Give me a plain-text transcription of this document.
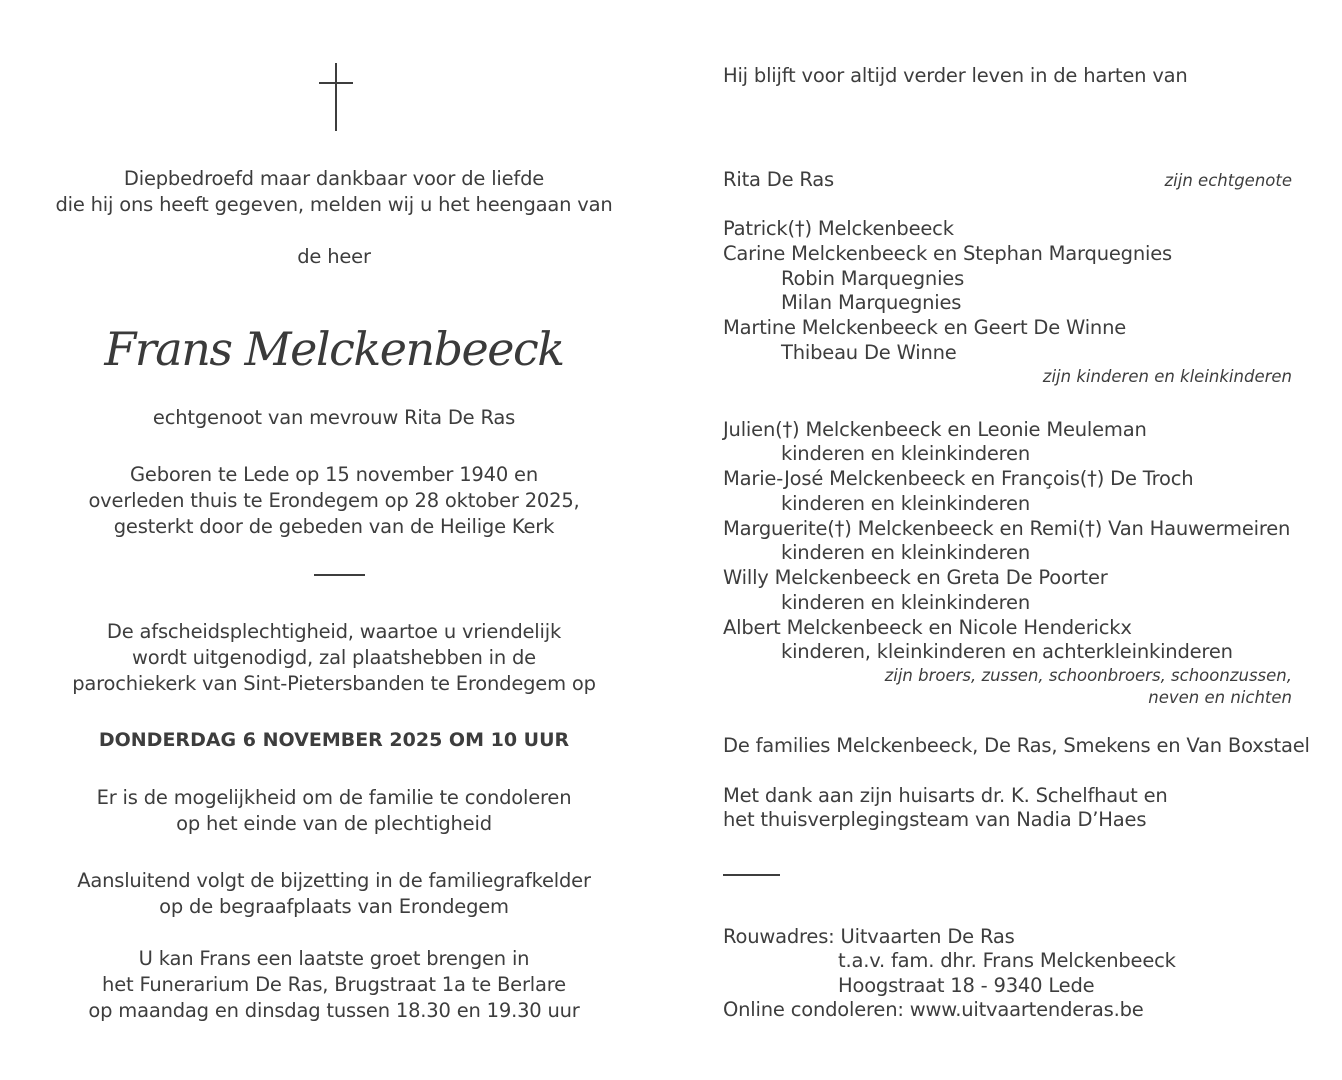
Diepbedroefd maar dankbaar voor de liefde
die hij ons heeft gegeven, melden wij u het heengaan van
de heer
Frans Melckenbeeck
echtgenoot van mevrouw Rita De Ras
Geboren te Lede op 15 november 1940 en
overleden thuis te Erondegem op 28 oktober 2025,
gesterkt door de gebeden van de Heilige Kerk
De afscheidsplechtigheid, waartoe u vriendelijk
wordt uitgenodigd, zal plaatshebben in de
parochiekerk van Sint-Pietersbanden te Erondegem op
DONDERDAG 6 NOVEMBER 2025 OM 10 UUR
Er is de mogelijkheid om de familie te condoleren
op het einde van de plechtigheid
Aansluitend volgt de bijzetting in de familiegrafkelder
op de begraafplaats van Erondegem
U kan Frans een laatste groet brengen in
het Funerarium De Ras, Brugstraat 1a te Berlare
op maandag en dinsdag tussen 18.30 en 19.30 uur
Hij blijft voor altijd verder leven in de harten van
Rita De Ras	zijn echtgenote
Patrick(†) Melckenbeeck
Carine Melckenbeeck en Stephan Marquegnies
Robin Marquegnies
Milan Marquegnies
Martine Melckenbeeck en Geert De Winne
Thibeau De Winne
zijn kinderen en kleinkinderen
Julien(†) Melckenbeeck en Leonie Meuleman
kinderen en kleinkinderen
Marie-José Melckenbeeck en François(†) De Troch
kinderen en kleinkinderen
Marguerite(†) Melckenbeeck en Remi(†) Van Hauwermeiren
kinderen en kleinkinderen
Willy Melckenbeeck en Greta De Poorter
kinderen en kleinkinderen
Albert Melckenbeeck en Nicole Henderickx
kinderen, kleinkinderen en achterkleinkinderen
zijn broers, zussen, schoonbroers, schoonzussen,
neven en nichten
De families Melckenbeeck, De Ras, Smekens en Van Boxstael
Met dank aan zijn huisarts dr. K. Schelfhaut en
het thuisverplegingsteam van Nadia D’Haes
Rouwadres: Uitvaarten De Ras
t.a.v. fam. dhr. Frans Melckenbeeck
Hoogstraat 18 - 9340 Lede
Online condoleren: www.uitvaartenderas.be
